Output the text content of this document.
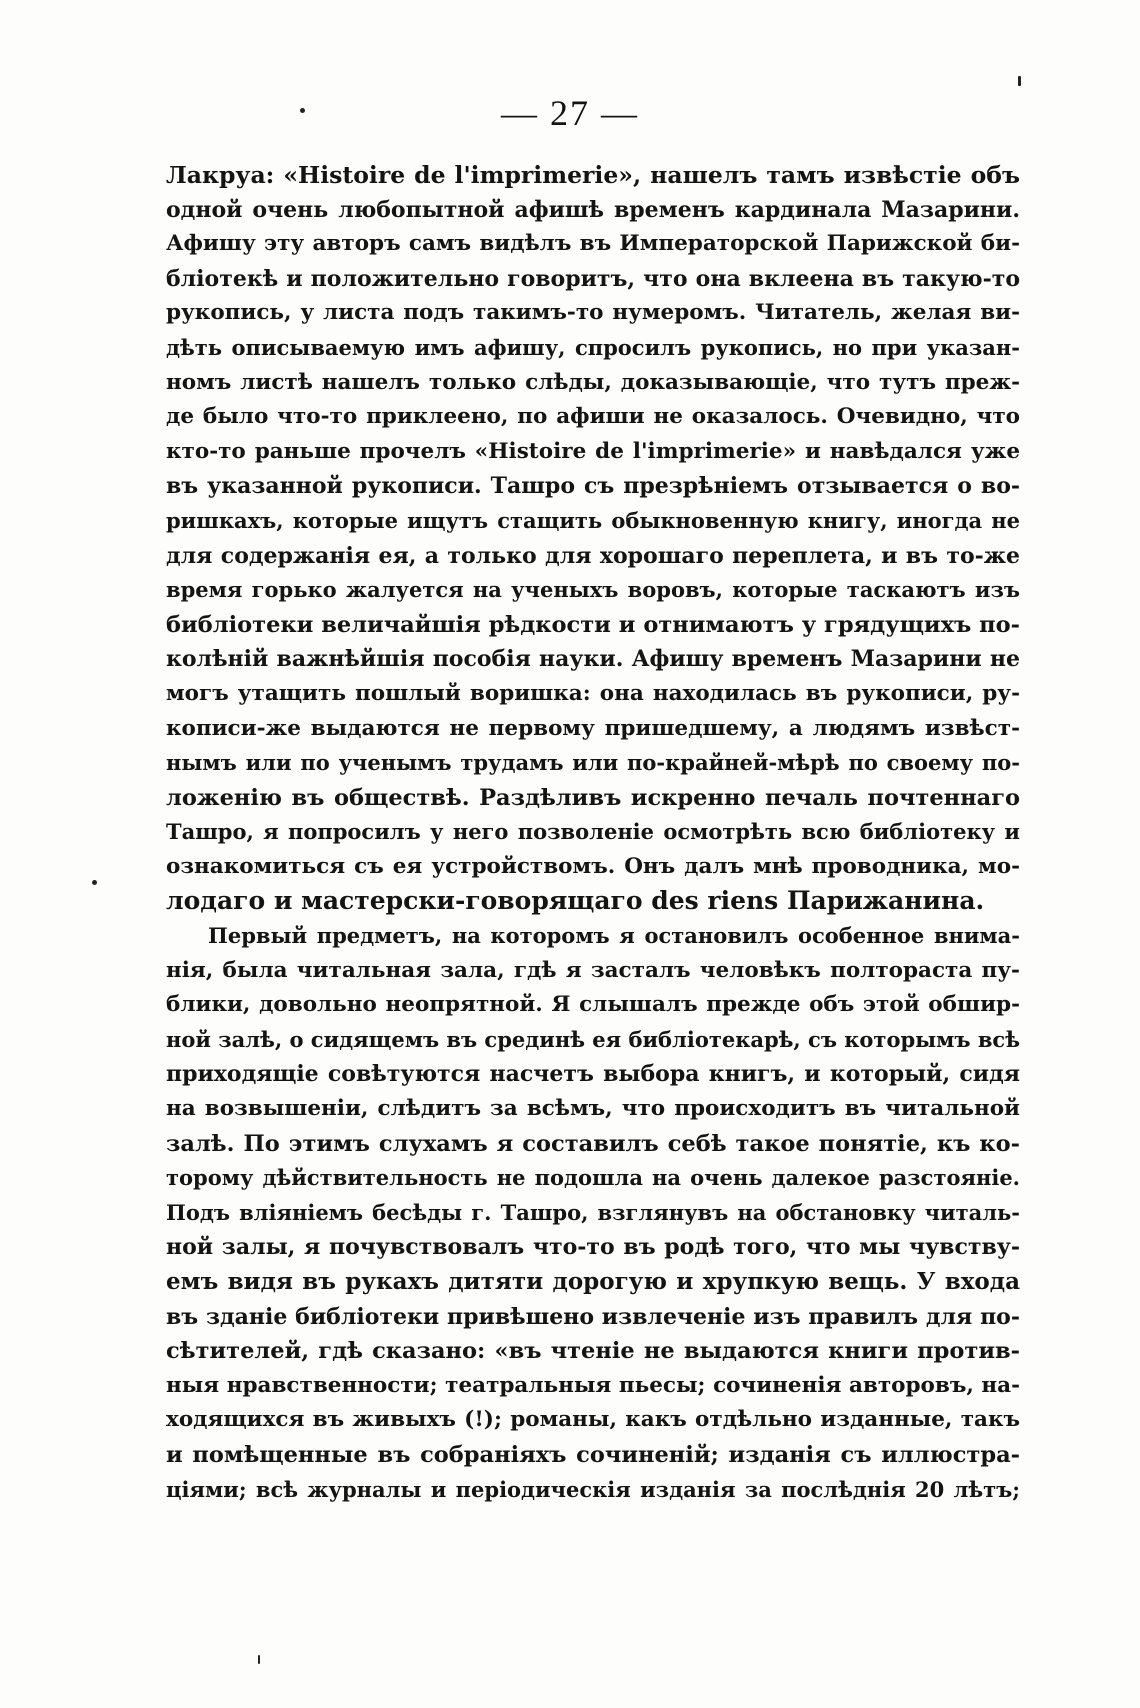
— 27 —
Лакруа: «Histoire de l'imprimerie», нашелъ тамъ извѣстіе объ
одной очень любопытной афишѣ временъ кардинала Мазарини.
Афишу эту авторъ самъ видѣлъ въ Императорской Парижской би-
бліотекѣ и положительно говоритъ, что она вклеена въ такую-то
рукопись, у листа подъ такимъ-то нумеромъ. Читатель, желая ви-
дѣть описываемую имъ афишу, спросилъ рукопись, но при указан-
номъ листѣ нашелъ только слѣды, доказывающіе, что тутъ преж-
де было что-то приклеено, по афиши не оказалось. Очевидно, что
кто-то раньше прочелъ «Histoire de l'imprimerie» и навѣдался уже
въ указанной рукописи. Ташро съ презрѣніемъ отзывается о во-
ришкахъ, которые ищутъ стащить обыкновенную книгу, иногда не
для содержанія ея, а только для хорошаго переплета, и въ то-же
время горько жалуется на ученыхъ воровъ, которые таскаютъ изъ
библіотеки величайшія рѣдкости и отнимаютъ у грядущихъ по-
колѣній важнѣйшія пособія науки. Афишу временъ Мазарини не
могъ утащить пошлый воришка: она находилась въ рукописи, ру-
кописи-же выдаются не первому пришедшему, а людямъ извѣст-
нымъ или по ученымъ трудамъ или по-крайней-мѣрѣ по своему по-
ложенію въ обществѣ. Раздѣливъ искренно печаль почтеннаго
Ташро, я попросилъ у него позволеніе осмотрѣть всю библіотеку и
ознакомиться съ ея устройствомъ. Онъ далъ мнѣ проводника, мо-
лодаго и мастерски-говорящаго des riens Парижанина.
Первый предметъ, на которомъ я остановилъ особенное внима-
нія, была читальная зала, гдѣ я засталъ человѣкъ полтораста пу-
блики, довольно неопрятной. Я слышалъ прежде объ этой обшир-
ной залѣ, о сидящемъ въ срединѣ ея библіотекарѣ, съ которымъ всѣ
приходящіе совѣтуются насчетъ выбора книгъ, и который, сидя
на возвышеніи, слѣдитъ за всѣмъ, что происходитъ въ читальной
залѣ. По этимъ слухамъ я составилъ себѣ такое понятіе, къ ко-
торому дѣйствительность не подошла на очень далекое разстояніе.
Подъ вліяніемъ бесѣды г. Ташро, взглянувъ на обстановку читаль-
ной залы, я почувствовалъ что-то въ родѣ того, что мы чувству-
емъ видя въ рукахъ дитяти дорогую и хрупкую вещь. У входа
въ зданіе библіотеки привѣшено извлеченіе изъ правилъ для по-
сѣтителей, гдѣ сказано: «въ чтеніе не выдаются книги против-
ныя нравственности; театральныя пьесы; сочиненія авторовъ, на-
ходящихся въ живыхъ (!); романы, какъ отдѣльно изданные, такъ
и помѣщенные въ собраніяхъ сочиненій; изданія съ иллюстра-
ціями; всѣ журналы и періодическія изданія за послѣднія 20 лѣтъ;
